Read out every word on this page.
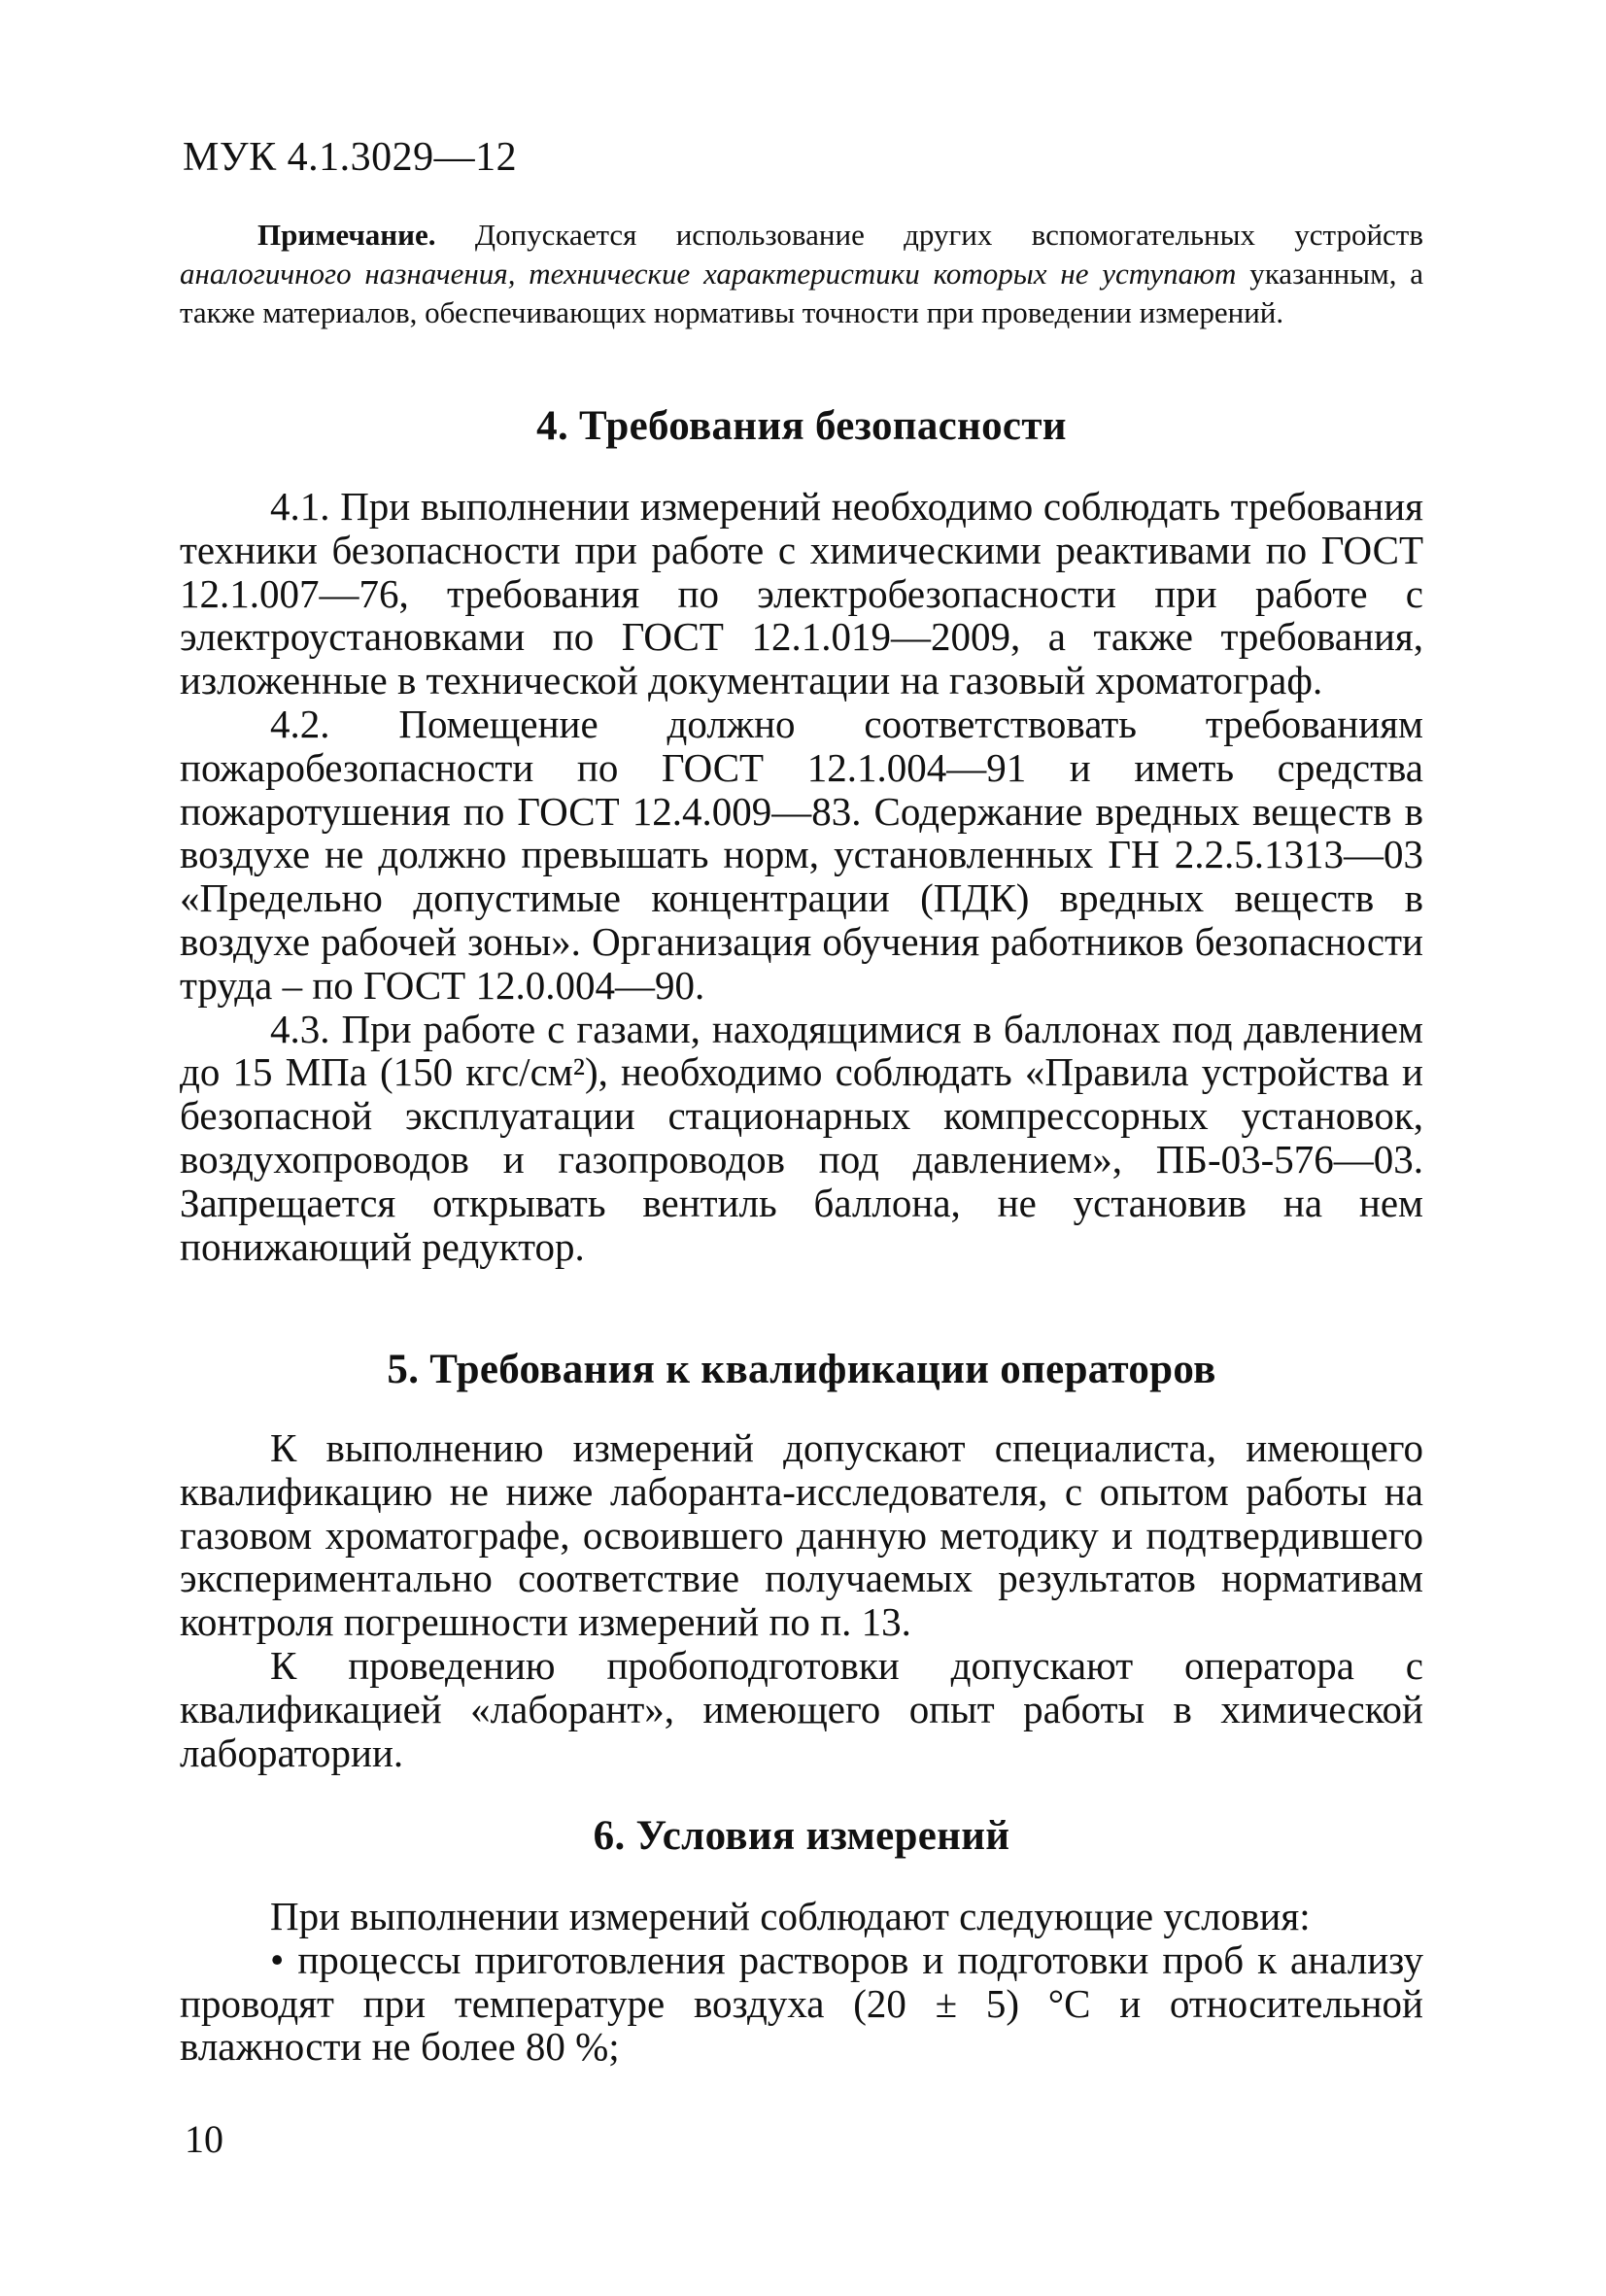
МУК 4.1.3029—12
Примечание. Допускается использование других вспомогательных устройств аналогичного назначения, технические характеристики которых не уступают указанным, а также материалов, обеспечивающих нормативы точности при проведении измерений.
4. Требования безопасности

4.1. При выполнении измерений необходимо соблюдать требования техники безопасности при работе с химическими реактивами по ГОСТ 12.1.007—76, требования по электробезопасности при работе с электроустановками по ГОСТ 12.1.019—2009, а также требования, изложенные в технической документации на газовый хроматограф.

4.2. Помещение должно соответствовать требованиям пожаробезопасности по ГОСТ 12.1.004—91 и иметь средства пожаротушения по ГОСТ 12.4.009—83. Содержание вредных веществ в воздухе не должно превышать норм, установленных ГН 2.2.5.1313—03 «Предельно допустимые концентрации (ПДК) вредных веществ в воздухе рабочей зоны». Организация обучения работников безопасности труда – по ГОСТ 12.0.004—90.

4.3. При работе с газами, находящимися в баллонах под давлением до 15 МПа (150 кгс/см²), необходимо соблюдать «Правила устройства и безопасной эксплуатации стационарных компрессорных установок, воздухопроводов и газопроводов под давлением», ПБ-03-576—03. Запрещается открывать вентиль баллона, не установив на нем понижающий редуктор.

5. Требования к квалификации операторов

К выполнению измерений допускают специалиста, имеющего квалификацию не ниже лаборанта-исследователя, с опытом работы на газовом хроматографе, освоившего данную методику и подтвердившего экспериментально соответствие получаемых результатов нормативам контроля погрешности измерений по п. 13.

К проведению пробоподготовки допускают оператора с квалификацией «лаборант», имеющего опыт работы в химической лаборатории.

6. Условия измерений

При выполнении измерений соблюдают следующие условия:

• процессы приготовления растворов и подготовки проб к анализу проводят при температуре воздуха (20 ± 5) °С и относительной влажности не более 80 %;

10
